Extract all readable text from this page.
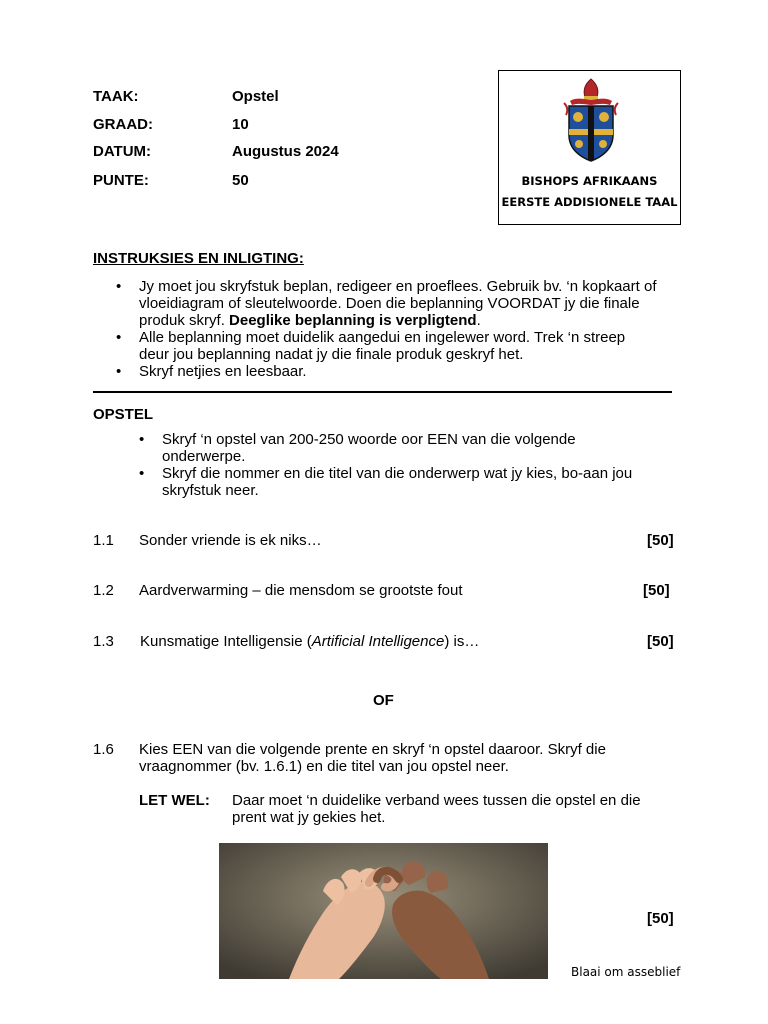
TAAK:	Opstel
GRAAD:	10
DATUM:	Augustus 2024
PUNTE:	50	BISHOPS AFRIKAANS
EERSTE ADDISIONELE TAAL
INSTRUKSIES EN INLIGTING:
• Jy moet jou skryfstuk beplan, redigeer en proeflees. Gebruik bv. ‘n kopkaart of
vloeidiagram of sleutelwoorde. Doen die beplanning VOORDAT jy die finale
produk skryf. Deeglike beplanning is verpligtend.
• Alle beplanning moet duidelik aangedui en ingelewer word. Trek ‘n streep
deur jou beplanning nadat jy die finale produk geskryf het.
• Skryf netjies en leesbaar.
OPSTEL
• Skryf ‘n opstel van 200-250 woorde oor EEN van die volgende
onderwerpe.
• Skryf die nommer en die titel van die onderwerp wat jy kies, bo-aan jou
skryfstuk neer.
1.1 Sonder vriende is ek niks…	[50]
1.2 Aardverwarming – die mensdom se grootste fout	[50]
1.3 Kunsmatige Intelligensie (Artificial Intelligence) is…	[50]
OF
1.6 Kies EEN van die volgende prente en skryf ‘n opstel daaroor. Skryf die
vraagnommer (bv. 1.6.1) en die titel van jou opstel neer.
LET WEL: Daar moet ‘n duidelike verband wees tussen die opstel en die
prent wat jy gekies het.
[50]
Blaai om asseblief
